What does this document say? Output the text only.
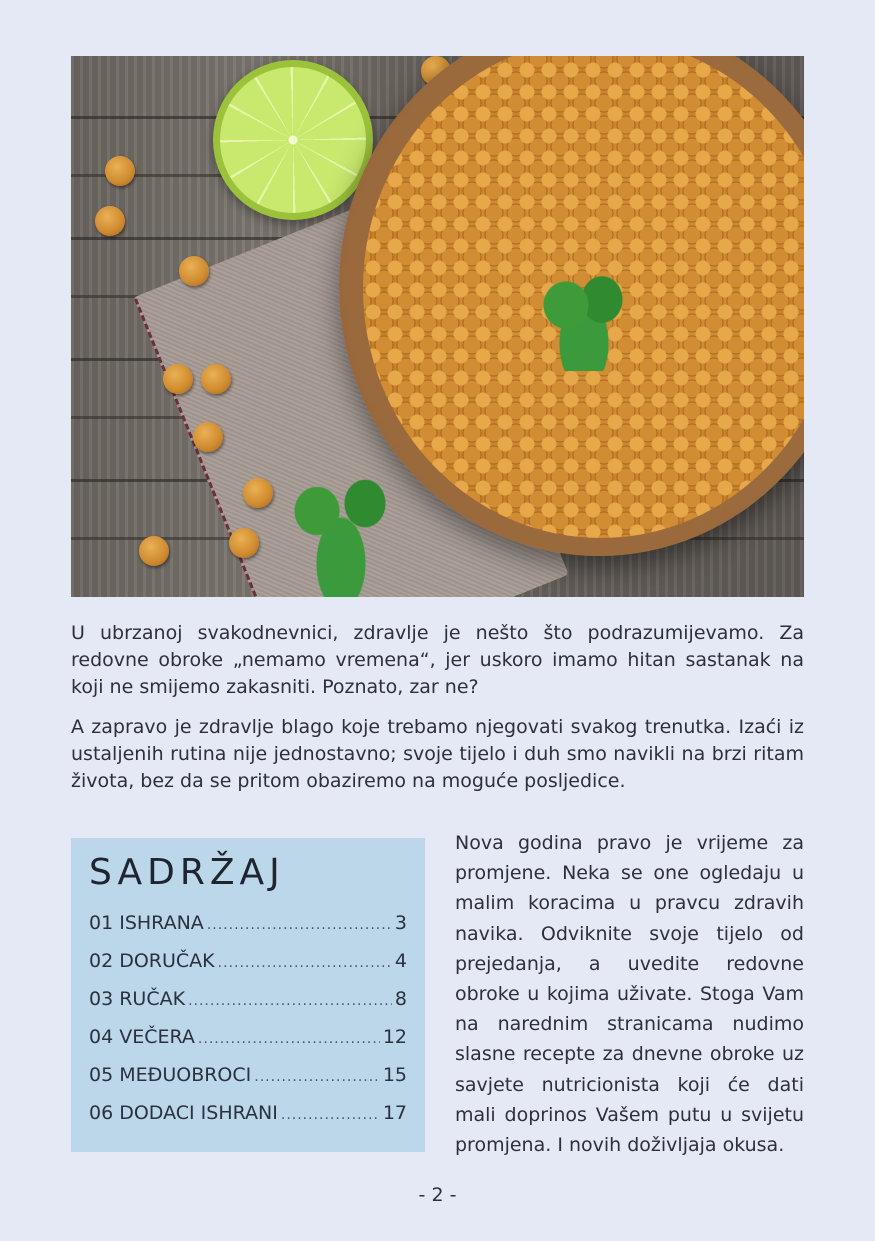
U ubrzanoj svakodnevnici, zdravlje je nešto što podrazumijevamo. Za redovne obroke „nemamo vremena“, jer uskoro imamo hitan sastanak na koji ne smijemo zakasniti. Poznato, zar ne?

A zapravo je zdravlje blago koje trebamo njegovati svakog trenutka. Izaći iz ustaljenih rutina nije jednostavno; svoje tijelo i duh smo navikli na brzi ritam života, bez da se pritom obaziremo na moguće posljedice.

SADRŽAJ
01 ISHRANA .....	3
02 DORUČAK .....	4
03 RUČAK .....	8
04 VEČERA .....	12
05 MEĐUOBROCI .....	15
06 DODACI ISHRANI .....	17
Nova godina pravo je vrijeme za promjene. Neka se one ogledaju u malim koracima u pravcu zdravih navika. Odviknite svoje tijelo od prejedanja, a uvedite redovne obroke u kojima uživate. Stoga Vam na narednim stranicama nudimo slasne recepte za dnevne obroke uz savjete nutricionista koji će dati mali doprinos Vašem putu u svijetu promjena. I novih doživljaja okusa.
- 2 -
